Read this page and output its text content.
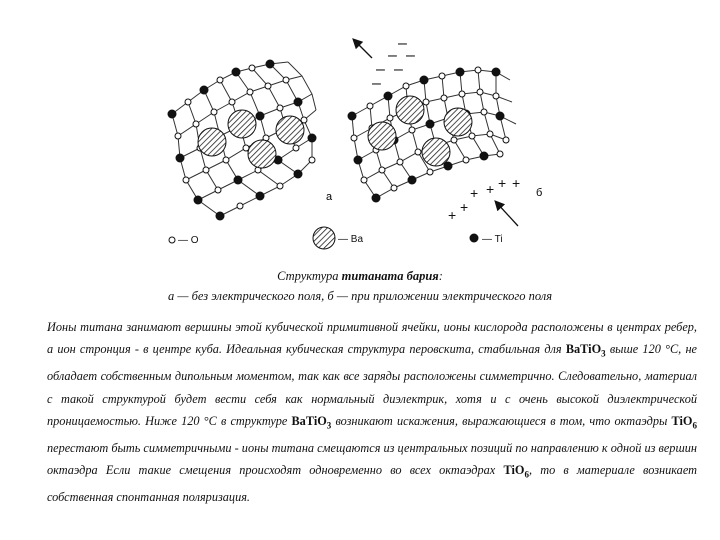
–
– –
– –
–
+ +
+ +
+
+
a	б
— O	— Ba	— Ti
Структура титаната бария:
а — без электрического поля, б — при приложении электрического поля
Ионы титана занимают вершины этой кубической примитивной ячейки, ионы кислорода расположены в центрах ребер, а ион стронция - в центре куба. Идеальная кубическая структура перовскита, стабильная для BaTiO$_3$ выше 120 °C, не обладает собственным дипольным моментом, так как все заряды расположены симметрично. Следовательно, материал с такой структурой будет вести себя как нормальный диэлектрик, хотя и с очень высокой диэлектрической проницаемостью. Ниже 120 °C в структуре BaTiO$_3$ возникают искажения, выражающиеся в том, что октаэдры TiO$_6$ перестают быть симметричными - ионы титана смещаются из центральных позиций по направлению к одной из вершин октаэдра Если такие смещения происходят одновременно во всех октаэдрах TiO$_6$, то в материале возникает собственная спонтанная поляризация.
